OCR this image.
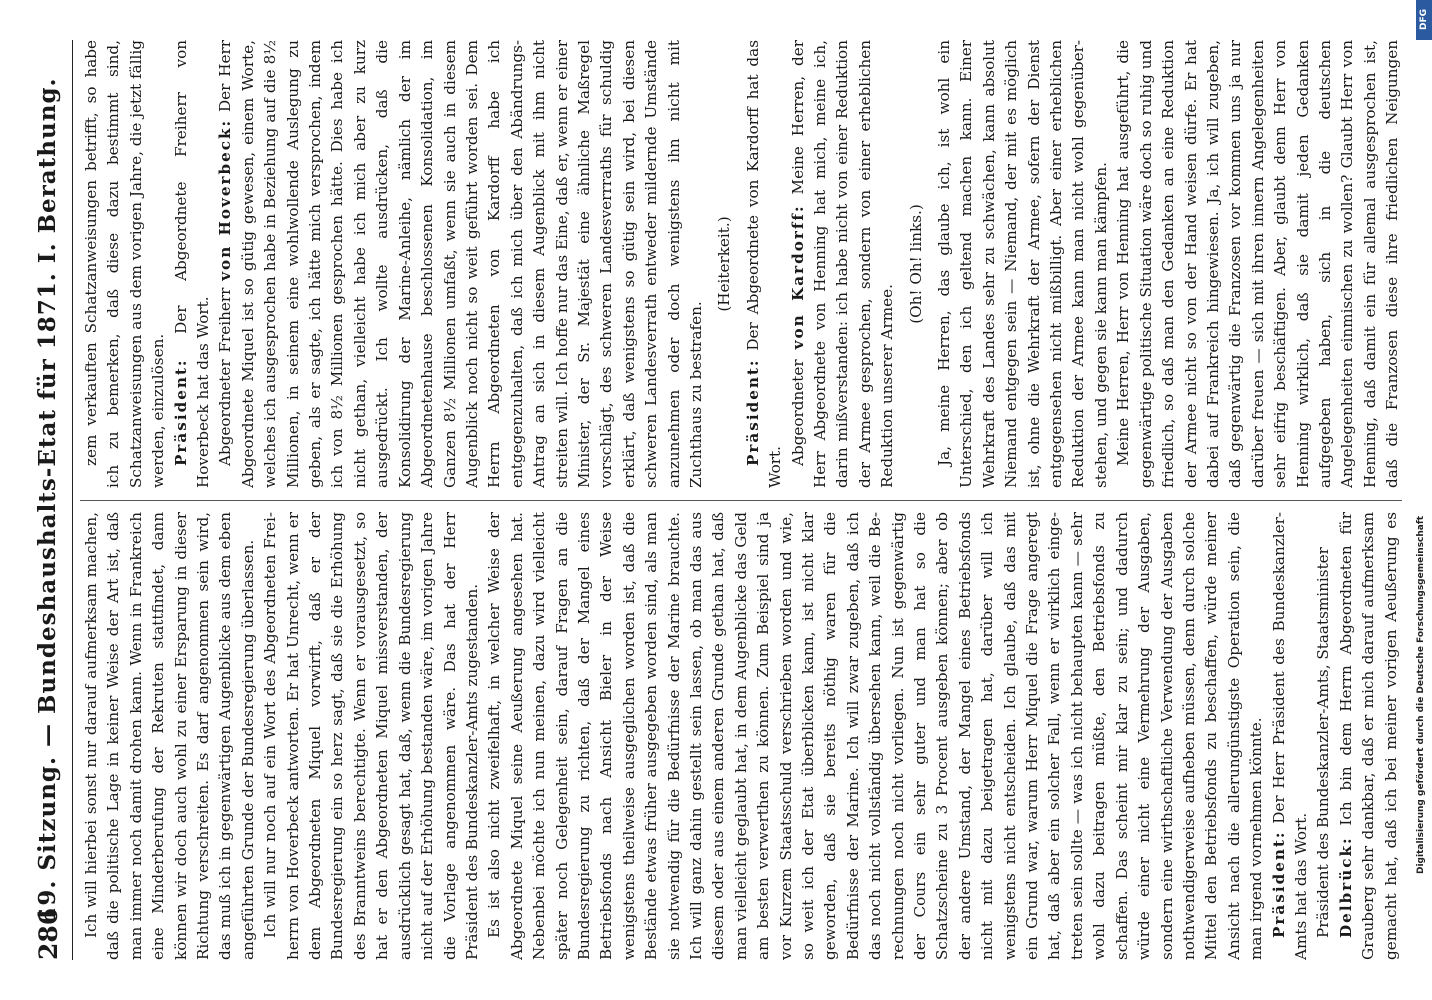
286
19. Sitzung. — Bundeshaushalts-Etat für 1871. I. Berathung. Ich will hierbei sonst nur darauf aufmerksam machen, daß die politische Lage in keiner Weise der Art ist, daß man immer noch damit drohen kann. Wenn in Frankreich eine Minderberufung der Rekruten stattfindet, dann können wir doch auch wohl zu einer Ersparung in dieser Richtung verschreiten. Es darf angenommen sein wird, das muß ich in gegenwärtigen Augenblicke aus dem eben angeführten Grunde der Bundesregierung überlassen. Ich will nur noch auf ein Wort des Abgeordneten Freiherrn von Hoverbeck antworten. Er hat Unrecht, wenn er dem Abgeordneten Miquel vorwirft, daß er der Bundesregierung ein so herz sagt, daß sie die Erhöhung des Branntweins berechtigte. Wenn er vorausgesetzt, so hat er den Abgeordneten Miquel missverstanden, der ausdrücklich gesagt hat, daß, wenn die Bundesregierung nicht auf der Erhöhung bestanden wäre, im vorigen Jahre die Vorlage angenommen wäre. Das hat der Herr Präsident des Bundeskanzler-Amts zugestanden. Es ist also nicht zweifelhaft, in welcher Weise der Abgeordnete Miquel seine Aeußerung angesehen hat. Nebenbei möchte ich nun meinen, dazu wird vielleicht später noch Gelegenheit sein, darauf Fragen an die Bundesregierung zu richten, daß der Mangel eines Betriebsfonds nach Ansicht Bieler in der Weise wenigstens theilweise ausgeglichen worden ist, daß die Bestände etwas früher ausgegeben worden sind, als man sie notwendig für die Bedürfnisse der Marine brauchte. Ich will ganz dahin gestellt sein lassen, ob man das aus diesem oder aus einem anderen Grunde gethan hat, daß man vielleicht geglaubt hat, in dem Augenblicke das Geld am besten verwerthen zu können. Zum Beispiel sind ja vor Kurzem Staatsschuld verschrieben worden und wie, so weit ich der Etat überblicken kann, ist nicht klar geworden, daß sie bereits nöthig waren für die Bedürfnisse der Marine. Ich will zwar zugeben, daß ich das noch nicht vollständig übersehen kann, weil die Berechnungen noch nicht vorliegen. Nun ist gegenwärtig der Cours ein sehr guter und man hat so die Schatzscheine zu 3 Procent ausgeben können; aber ob der andere Umstand, der Mangel eines Betriebsfonds nicht mit dazu beigetragen hat, darüber will ich wenigstens nicht entscheiden. Ich glaube, daß das mit ein Grund war, warum Herr Miquel die Frage angeregt hat, daß aber ein solcher Fall, wenn er wirklich eingetreten sein sollte — was ich nicht behaupten kann — sehr wohl dazu beitragen müßte, den Betriebsfonds zu schaffen. Das scheint mir klar zu sein; und dadurch würde einer nicht eine Vermehrung der Ausgaben, sondern eine wirthschaftliche Verwendung der Ausgaben nothwendigerweise aufheben müssen, denn durch solche Mittel den Betriebsfonds zu beschaffen, würde meiner Ansicht nach die allerungünstigste Operation sein, die man irgend vornehmen könnte. Präsident: Der Herr Präsident des Bundeskanzler-Amts hat das Wort. Präsident des Bundeskanzler-Amts, Staatsminister Delbrück: Ich bin dem Herrn Abgeordneten für Grauberg sehr dankbar, daß er mich darauf aufmerksam gemacht hat, daß ich bei meiner vorigen Aeußerung es

zem verkauften Schatzanweisungen betrifft, so habe ich zu bemerken, daß diese dazu bestimmt sind, Schatzanweisungen aus dem vorigen Jahre, die jetzt fällig werden, einzulösen. Präsident: Der Abgeordnete Freiherr von Hoverbeck hat das Wort. Abgeordneter Freiherr von Hoverbeck: Der Herr Abgeordnete Miquel ist so gütig gewesen, einem Worte, welches ich ausgesprochen habe in Beziehung auf die 8½ Millionen, in seinem eine wohlwollende Auslegung zu geben, als er sagte, ich hätte mich versprochen, indem ich von 8½ Millionen gesprochen hätte. Dies habe ich nicht gethan, vielleicht habe ich mich aber zu kurz ausgedrückt. Ich wollte ausdrücken, daß die Konsolidirung der Marine-Anleihe, nämlich der im Abgeordnetenhause beschlossenen Konsolidation, im Ganzen 8½ Millionen umfaßt, wenn sie auch in diesem Augenblick noch nicht so weit geführt worden sei. Dem Herrn Abgeordneten von Kardorff habe ich entgegenzuhalten, daß ich mich über den Abändrungs-Antrag an sich in diesem Augenblick mit ihm nicht streiten will. Ich hoffe nur das Eine, daß er, wenn er einer Minister, der Sr. Majestät eine ähnliche Maßregel vorschlägt, des schweren Landesverrraths für schuldig erklärt, daß wenigstens so gütig sein wird, bei diesen schweren Landesverrath entweder mildernde Umstände anzunehmen oder doch wenigstens ihn nicht mit Zuchthaus zu bestrafen.

(Heiterkeit.)

Präsident: Der Abgeordnete von Kardorff hat das Wort.

Abgeordneter von Kardorff: Meine Herren, der Herr Abgeordnete von Henning hat mich, meine ich, darin mißverstanden: ich habe nicht von einer Reduktion der Armee gesprochen, sondern von einer erheblichen Reduktion unserer Armee.

(Oh! Oh! links.) Ja, meine Herren, das glaube ich, ist wohl ein Unterschied, den ich geltend machen kann. Einer Wehrkraft des Landes sehr zu schwächen, kann absolut Niemand entgegen sein — Niemand, der mit es möglich ist, ohne die Wehrkraft der Armee, sofern der Dienst entgegensehen nicht mißbilligt. Aber einer erheblichen Reduktion der Armee kann man nicht wohl gegenüberstehen, und gegen sie kann man kämpfen. Meine Herren, Herr von Henning hat ausgeführt, die gegenwärtige politische Situation wäre doch so ruhig und friedlich, so daß man den Gedanken an eine Reduktion der Armee nicht so von der Hand weisen dürfe. Er hat dabei auf Frankreich hingewiesen. Ja, ich will zugeben, daß gegenwärtig die Franzosen vor kommen uns ja nur darüber freuen — sich mit ihren innern Angelegenheiten sehr eifrig beschäftigen. Aber, glaubt denn Herr von Henning wirklich, daß sie damit jeden Gedanken aufgegeben haben, sich in die deutschen Angelegenheiten einmischen zu wollen? Glaubt Herr von Henning, daß damit ein für allemal ausgesprochen ist, daß die Franzosen diese ihre friedlichen Neigungen

DFG
Digitalisierung gefördert durch die Deutsche Forschungsgemeinschaft
